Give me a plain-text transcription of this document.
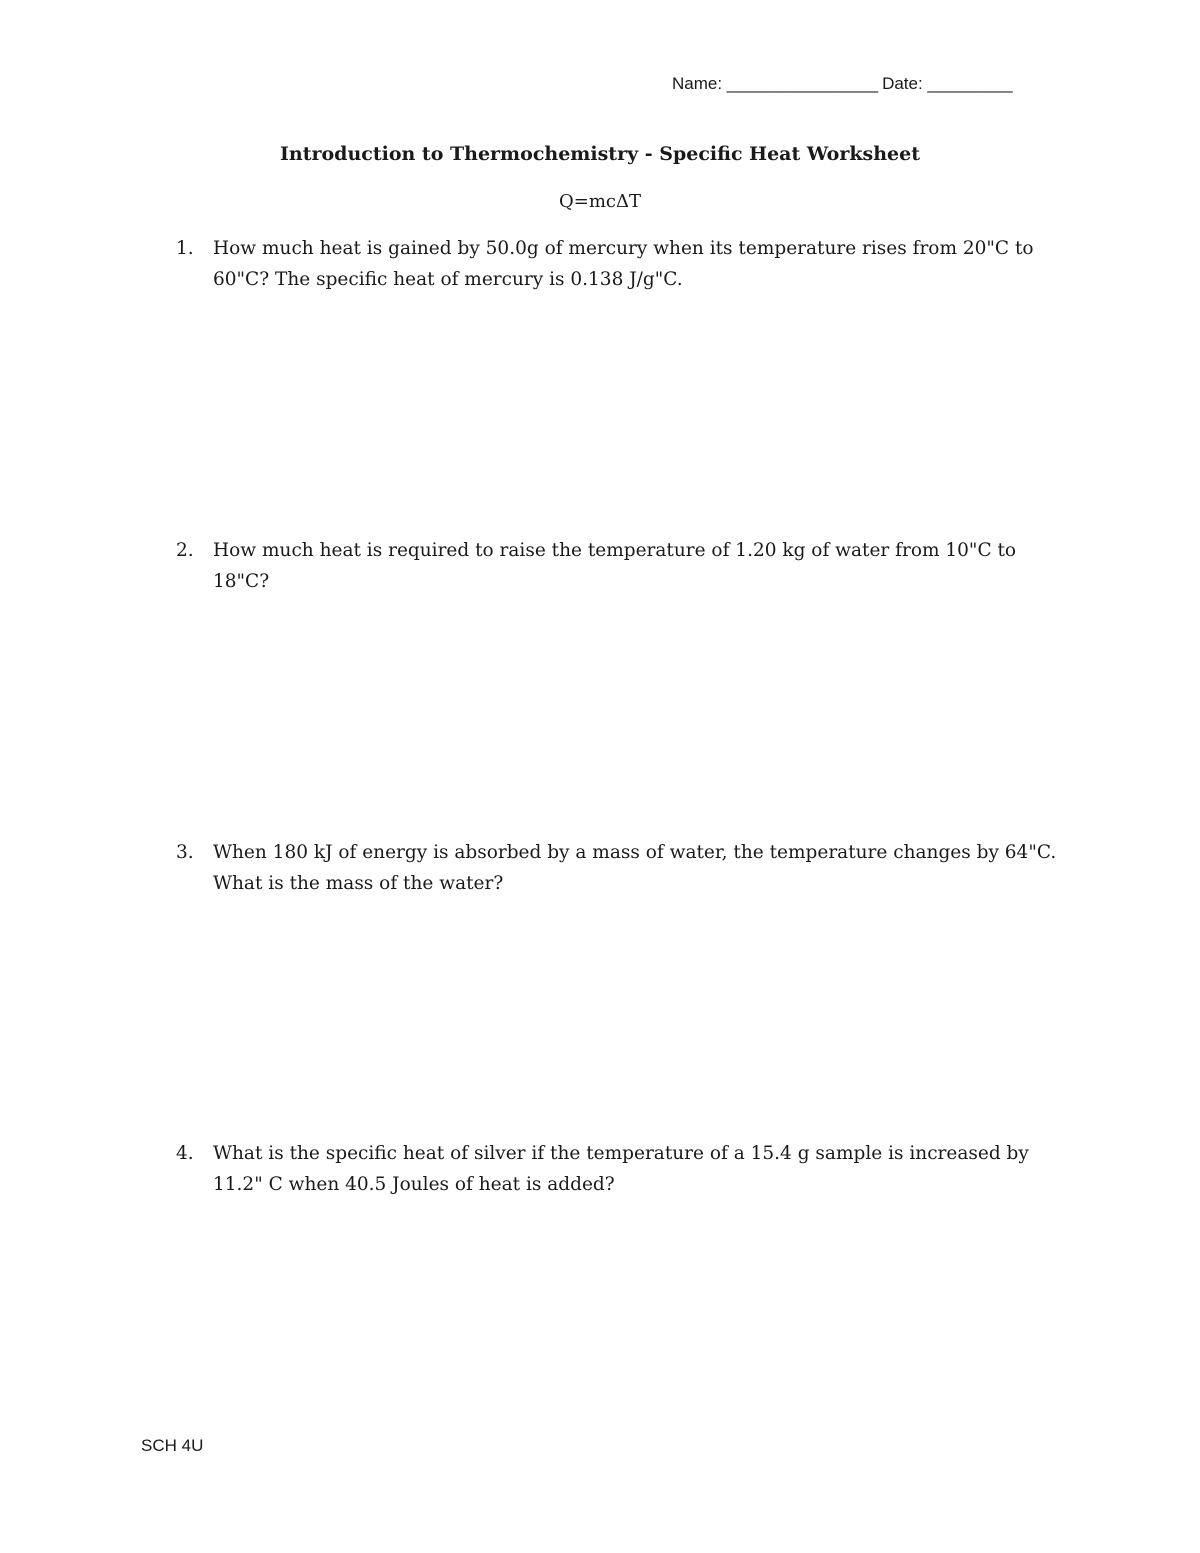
Name: ________________ Date: _________
Introduction to Thermochemistry - Specific Heat Worksheet
Q=mcΔT
1.	How much heat is gained by 50.0g of mercury when its temperature rises from 20"C to 60"C? The specific heat of mercury is 0.138 J/g"C.
2.	How much heat is required to raise the temperature of 1.20 kg of water from 10"C to 18"C?
3.	When 180 kJ of energy is absorbed by a mass of water, the temperature changes by 64"C. What is the mass of the water?
4.	What is the specific heat of silver if the temperature of a 15.4 g sample is increased by 11.2" C when 40.5 Joules of heat is added?
SCH 4U
